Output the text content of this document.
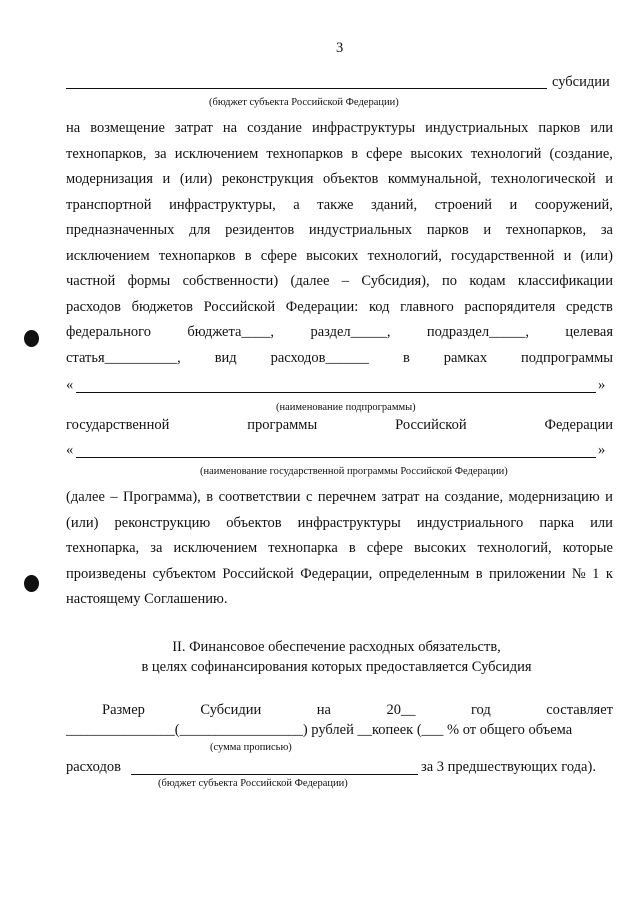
3
субсидии
(бюджет субъекта Российской Федерации)
на возмещение затрат на создание инфраструктуры индустриальных парков или
технопарков, за исключением технопарков в сфере высоких технологий (создание,
модернизация и (или) реконструкция объектов коммунальной, технологической и
транспортной инфраструктуры, а также зданий, строений и сооружений,
предназначенных для резидентов индустриальных парков и технопарков, за
исключением технопарков в сфере высоких технологий, государственной и (или)
частной формы собственности) (далее – Субсидия), по кодам классификации
расходов бюджетов Российской Федерации: код главного распорядителя средств
федерального	бюджета____,	раздел_____,	подраздел_____,	целевая
статья__________, вид расходов______ в рамках подпрограммы
«	»
(наименование подпрограммы)
государственной	программы	Российской	Федерации
«	»
(наименование государственной программы Российской Федерации)
(далее – Программа), в соответствии с перечнем затрат на создание, модернизацию и
(или) реконструкцию объектов инфраструктуры индустриального парка или
технопарка, за исключением технопарка в сфере высоких технологий, которые
произведены субъектом Российской Федерации, определенным в приложении № 1 к
настоящему Соглашению.
II. Финансовое обеспечение расходных обязательств,
в целях софинансирования которых предоставляется Субсидия
Размер	Субсидии	на	20__	год	составляет
_______________(_________________) рублей __копеек (___ % от общего объема
(сумма прописью)
расходов	за 3 предшествующих года).
(бюджет субъекта Российской Федерации)
